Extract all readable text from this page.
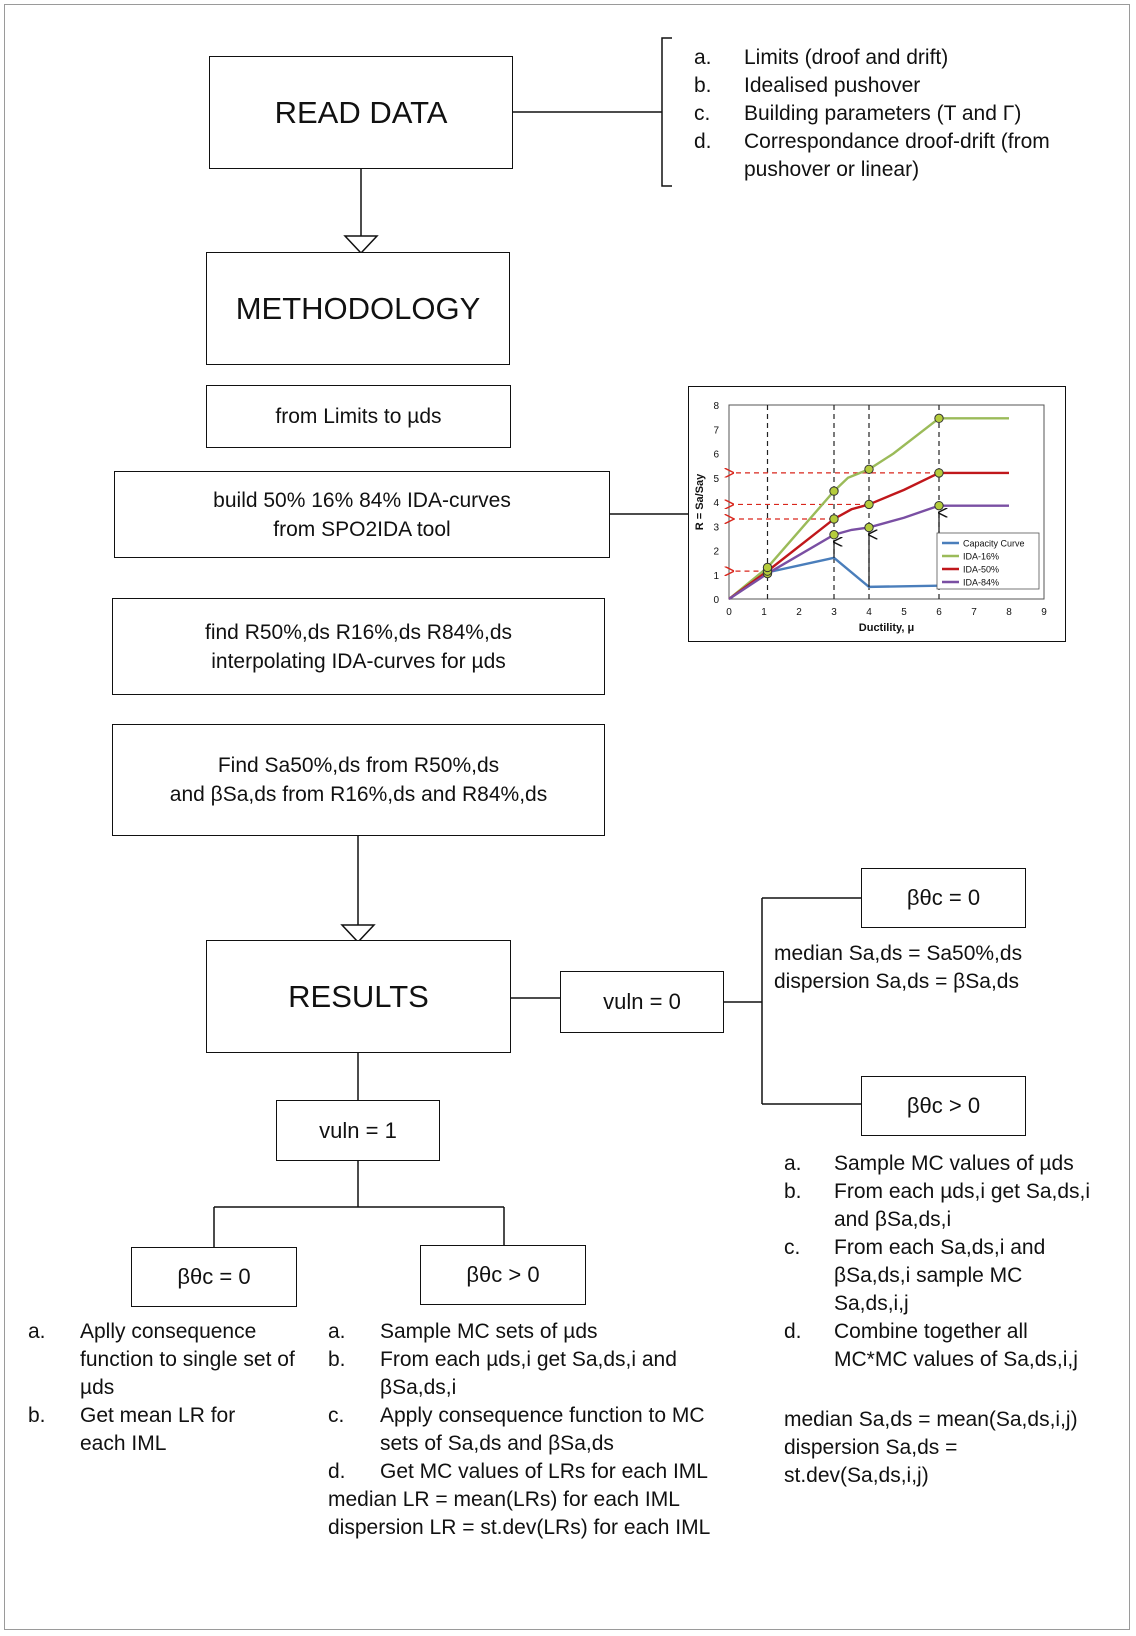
READ DATA
METHODOLOGY
from Limits to µds
build 50% 16% 84% IDA-curves
from SPO2IDA tool
find R50%,ds R16%,ds R84%,ds
interpolating IDA-curves for µds
Find Sa50%,ds from R50%,ds
and βSa,ds from R16%,ds and R84%,ds
RESULTS	vuln = 0
vuln = 1
βθc = 0
βθc > 0
βθc = 0	βθc > 0
a. Limits (droof and drift)
b. Idealised pushover
c. Building parameters (T and Γ)
d. Correspondance droof-drift (from pushover or linear)
median Sa,ds = Sa50%,ds
dispersion Sa,ds = βSa,ds
a. Sample MC values of µds
b. From each µds,i get Sa,ds,i and βSa,ds,i
c. From each Sa,ds,i and βSa,ds,i sample MC Sa,ds,i,j
d. Combine together all MC*MC values of Sa,ds,i,j
median Sa,ds = mean(Sa,ds,i,j)
dispersion Sa,ds =
st.dev(Sa,ds,i,j)
a. Aplly consequence function to single set of µds
b. Get mean LR for each IML
a. Sample MC sets of µds
b. From each µds,i get Sa,ds,i and βSa,ds,i
c. Apply consequence function to MC sets of Sa,ds and βSa,ds
d. Get MC values of LRs for each IML
median LR = mean(LRs) for each IML
dispersion LR = st.dev(LRs) for each IML
0	1	2	3	4	5	6	7	8	9
0
1
2
3
4
5
6
7
8
Ductility, μ
R = Sa/Say
Capacity Curve
IDA-16%
IDA-50%
IDA-84%
